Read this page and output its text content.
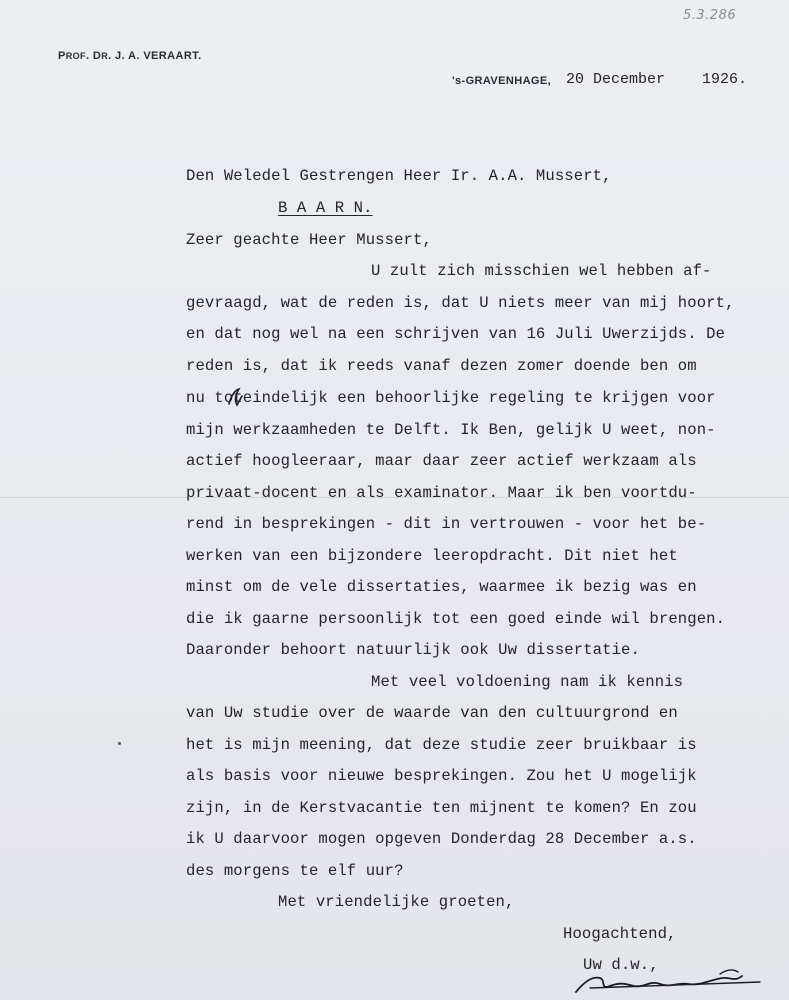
5.3.286
PROF. DR. J. A. VERAART.
's-GRAVENHAGE, 20 December 1926.
Den Weledel Gestrengen Heer Ir. A.A. Mussert,
B A A R N.
Zeer geachte Heer Mussert,
U zult zich misschien wel hebben af-
gevraagd, wat de reden is, dat U niets meer van mij hoort,
en dat nog wel na een schrijven van 16 Juli Uwerzijds. De
reden is, dat ik reeds vanaf dezen zomer doende ben om
nu toteindelijk een behoorlijke regeling te krijgen voor
mijn werkzaamheden te Delft. Ik Ben, gelijk U weet, non-
actief hoogleeraar, maar daar zeer actief werkzaam als
privaat-docent en als examinator. Maar ik ben voortdu-
rend in besprekingen - dit in vertrouwen - voor het be-
werken van een bijzondere leeropdracht. Dit niet het
minst om de vele dissertaties, waarmee ik bezig was en
die ik gaarne persoonlijk tot een goed einde wil brengen.
Daaronder behoort natuurlijk ook Uw dissertatie.
Met veel voldoening nam ik kennis
van Uw studie over de waarde van den cultuurgrond en
het is mijn meening, dat deze studie zeer bruikbaar is
als basis voor nieuwe besprekingen. Zou het U mogelijk
zijn, in de Kerstvacantie ten mijnent te komen? En zou
ik U daarvoor mogen opgeven Donderdag 28 December a.s.
des morgens te elf uur?
Met vriendelijke groeten,
Hoogachtend,
Uw d.w.,
